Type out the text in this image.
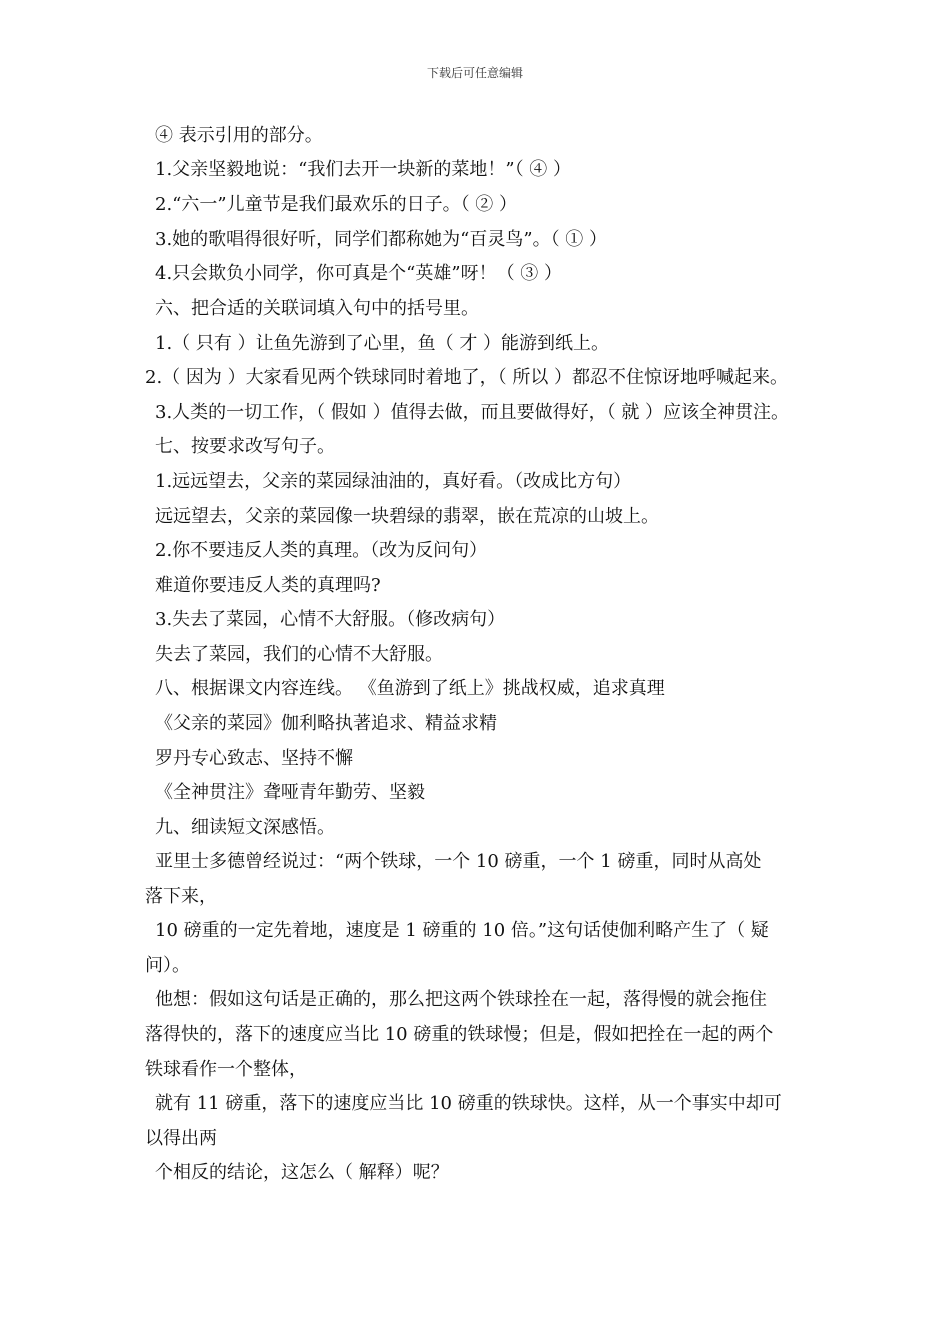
下载后可任意编辑
④ 表示引用的部分。
1.父亲坚毅地说：“我们去开一块新的菜地！”（ ④ ）
2.“六一”儿童节是我们最欢乐的日子。（ ② ）
3.她的歌唱得很好听，同学们都称她为“百灵鸟”。（ ① ）
4.只会欺负小同学，你可真是个“英雄”呀！（ ③ ）
六、把合适的关联词填入句中的括号里。
1.（ 只有 ）让鱼先游到了心里，鱼（ 才 ）能游到纸上。
2.（ 因为 ）大家看见两个铁球同时着地了，（ 所以 ）都忍不住惊讶地呼喊起来。
3.人类的一切工作，（ 假如 ）值得去做，而且要做得好，（ 就 ）应该全神贯注。
七、按要求改写句子。
1.远远望去，父亲的菜园绿油油的，真好看。（改成比方句）
远远望去，父亲的菜园像一块碧绿的翡翠，嵌在荒凉的山坡上。
2.你不要违反人类的真理。（改为反问句）
难道你要违反人类的真理吗?
3.失去了菜园，心情不大舒服。（修改病句）
失去了菜园，我们的心情不大舒服。
八、根据课文内容连线。 《鱼游到了纸上》挑战权威，追求真理
《父亲的菜园》伽利略执著追求、精益求精
罗丹专心致志、坚持不懈
《全神贯注》聋哑青年勤劳、坚毅
九、细读短文深感悟。
亚里士多德曾经说过：“两个铁球，一个 10 磅重，一个 1 磅重，同时从高处
落下来，
10 磅重的一定先着地，速度是 1 磅重的 10 倍。”这句话使伽利略产生了（ 疑
问）。
他想：假如这句话是正确的，那么把这两个铁球拴在一起，落得慢的就会拖住
落得快的，落下的速度应当比 10 磅重的铁球慢；但是，假如把拴在一起的两个
铁球看作一个整体，
就有 11 磅重，落下的速度应当比 10 磅重的铁球快。这样，从一个事实中却可
以得出两
个相反的结论，这怎么（ 解释）呢？
